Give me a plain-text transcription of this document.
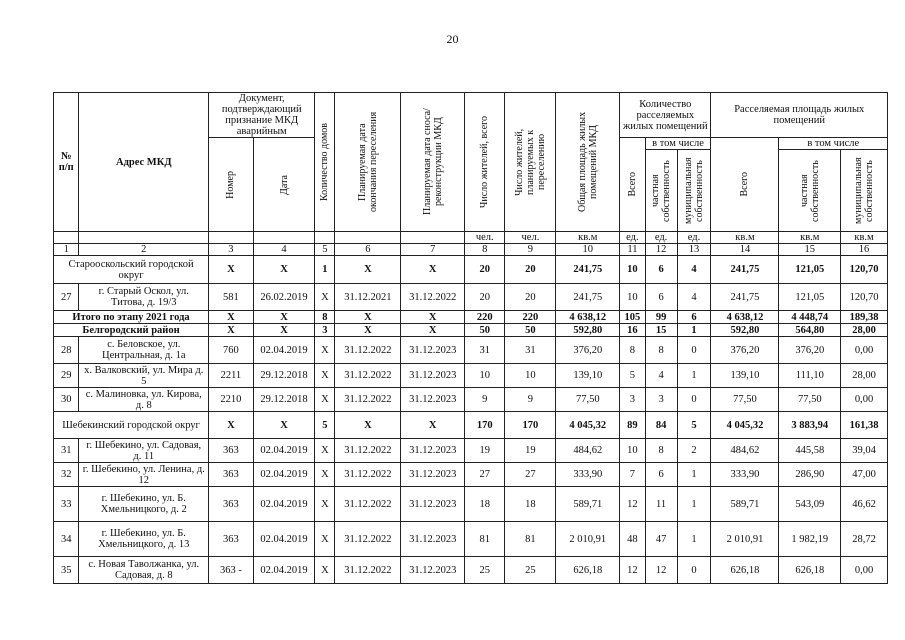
20
№ п/п	Адрес МКД	Документ, подтверждающий признание МКД аварийным		Количество домов	Планируемая дата окончания переселения	Планируемая дата сноса/ реконструкции МКД	Число жителей, всего	Число жителей, планируемых к переселению	Общая площадь жилых помещений МКД	Количество расселяемых жилых помещений			Расселяемая площадь жилых помещений		

		Номер	Дата							Всего	в том числе		Всего	в том числе	

											частная собственность	муниципальная собственность		частная собственность	муниципальная собственность

							чел.	чел.	кв.м	ед.	ед.	ед.	кв.м	кв.м	кв.м
1	2	3	4	5	6	7	8	9	10	11	12	13	14	15	16
Старооскольский городской округ		X	X	1	X	X	20	20	241,75	10	6	4	241,75	121,05	120,70
27	г. Старый Оскол, ул. Титова, д. 19/3	581	26.02.2019	X	31.12.2021	31.12.2022	20	20	241,75	10	6	4	241,75	121,05	120,70
Итого по этапу 2021 года		X	X	8	X	X	220	220	4 638,12	105	99	6	4 638,12	4 448,74	189,38
Белгородский район		X	X	3	X	X	50	50	592,80	16	15	1	592,80	564,80	28,00
28	с. Беловское, ул. Центральная, д. 1а	760	02.04.2019	X	31.12.2022	31.12.2023	31	31	376,20	8	8	0	376,20	376,20	0,00
29	х. Валковский, ул. Мира д. 5	2211	29.12.2018	X	31.12.2022	31.12.2023	10	10	139,10	5	4	1	139,10	111,10	28,00
30	с. Малиновка, ул. Кирова, д. 8	2210	29.12.2018	X	31.12.2022	31.12.2023	9	9	77,50	3	3	0	77,50	77,50	0,00
Шебекинский городской округ		X	X	5	X	X	170	170	4 045,32	89	84	5	4 045,32	3 883,94	161,38
31	г. Шебекино, ул. Садовая, д. 11	363	02.04.2019	X	31.12.2022	31.12.2023	19	19	484,62	10	8	2	484,62	445,58	39,04
32	г. Шебекино, ул. Ленина, д. 12	363	02.04.2019	X	31.12.2022	31.12.2023	27	27	333,90	7	6	1	333,90	286,90	47,00
33	г. Шебекино, ул. Б. Хмельницкого, д. 2	363	02.04.2019	X	31.12.2022	31.12.2023	18	18	589,71	12	11	1	589,71	543,09	46,62
34	г. Шебекино, ул. Б. Хмельницкого, д. 13	363	02.04.2019	X	31.12.2022	31.12.2023	81	81	2 010,91	48	47	1	2 010,91	1 982,19	28,72
35	с. Новая Таволжанка, ул. Садовая, д. 8	363 -	02.04.2019	X	31.12.2022	31.12.2023	25	25	626,18	12	12	0	626,18	626,18	0,00
